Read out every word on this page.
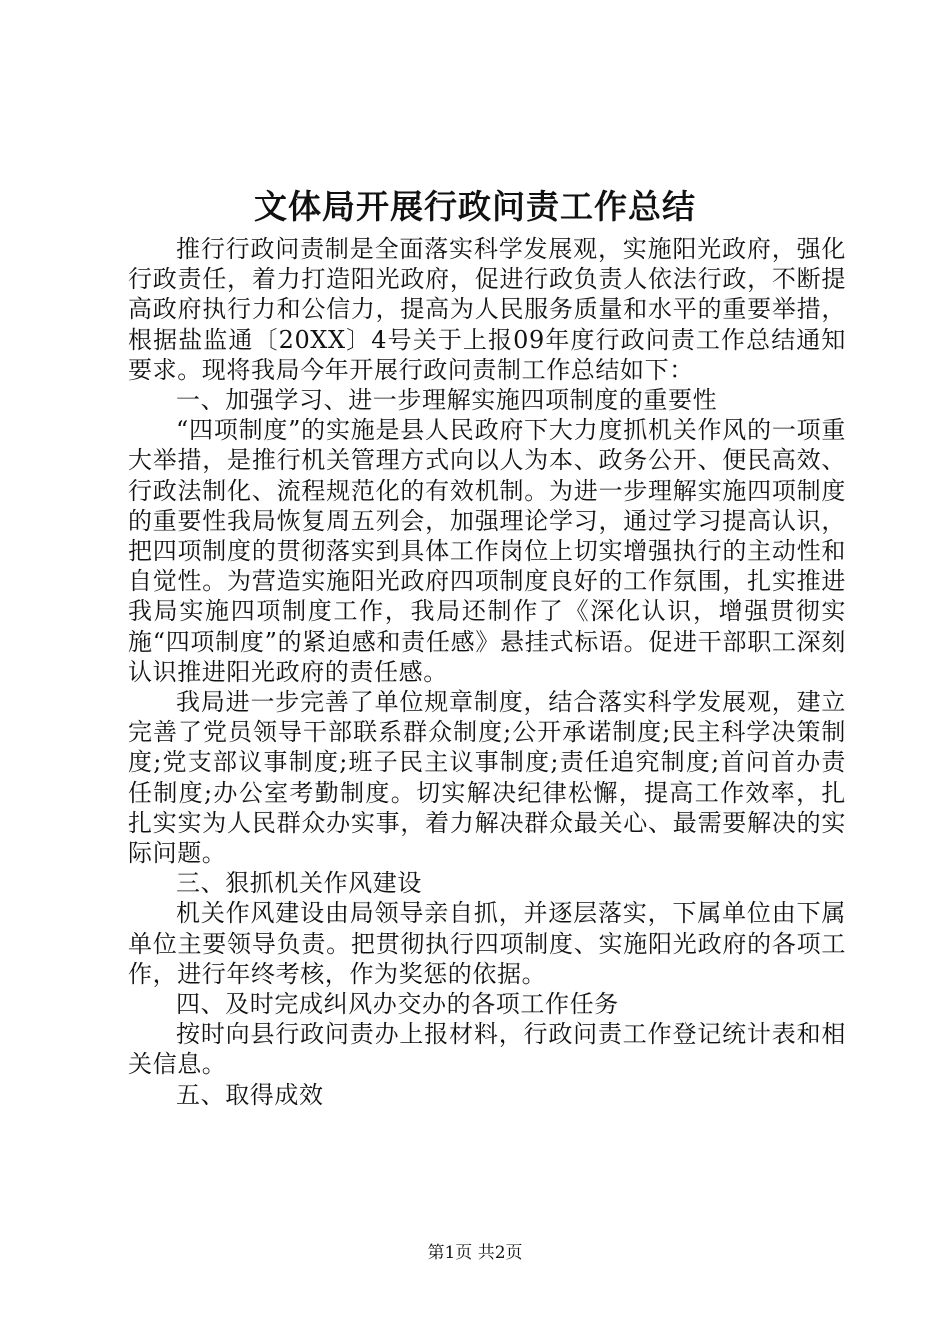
文体局开展行政问责工作总结

推行行政问责制是全面落实科学发展观，实施阳光政府，强化行政责任，着力打造阳光政府，促进行政负责人依法行政，不断提高政府执行力和公信力，提高为人民服务质量和水平的重要举措，根据盐监通〔20XX〕4号关于上报09年度行政问责工作总结通知要求。现将我局今年开展行政问责制工作总结如下：

一、加强学习、进一步理解实施四项制度的重要性

“四项制度”的实施是县人民政府下大力度抓机关作风的一项重大举措，是推行机关管理方式向以人为本、政务公开、便民高效、行政法制化、流程规范化的有效机制。为进一步理解实施四项制度的重要性我局恢复周五列会，加强理论学习，通过学习提高认识，把四项制度的贯彻落实到具体工作岗位上切实增强执行的主动性和自觉性。为营造实施阳光政府四项制度良好的工作氛围，扎实推进我局实施四项制度工作，我局还制作了《深化认识，增强贯彻实施“四项制度”的紧迫感和责任感》悬挂式标语。促进干部职工深刻认识推进阳光政府的责任感。

我局进一步完善了单位规章制度，结合落实科学发展观，建立完善了党员领导干部联系群众制度;公开承诺制度;民主科学决策制度;党支部议事制度;班子民主议事制度;责任追究制度;首问首办责任制度;办公室考勤制度。切实解决纪律松懈，提高工作效率，扎扎实实为人民群众办实事，着力解决群众最关心、最需要解决的实际问题。

三、狠抓机关作风建设

机关作风建设由局领导亲自抓，并逐层落实，下属单位由下属单位主要领导负责。把贯彻执行四项制度、实施阳光政府的各项工作，进行年终考核，作为奖惩的依据。

四、及时完成纠风办交办的各项工作任务

按时向县行政问责办上报材料，行政问责工作登记统计表和相关信息。

五、取得成效

第1页 共2页
